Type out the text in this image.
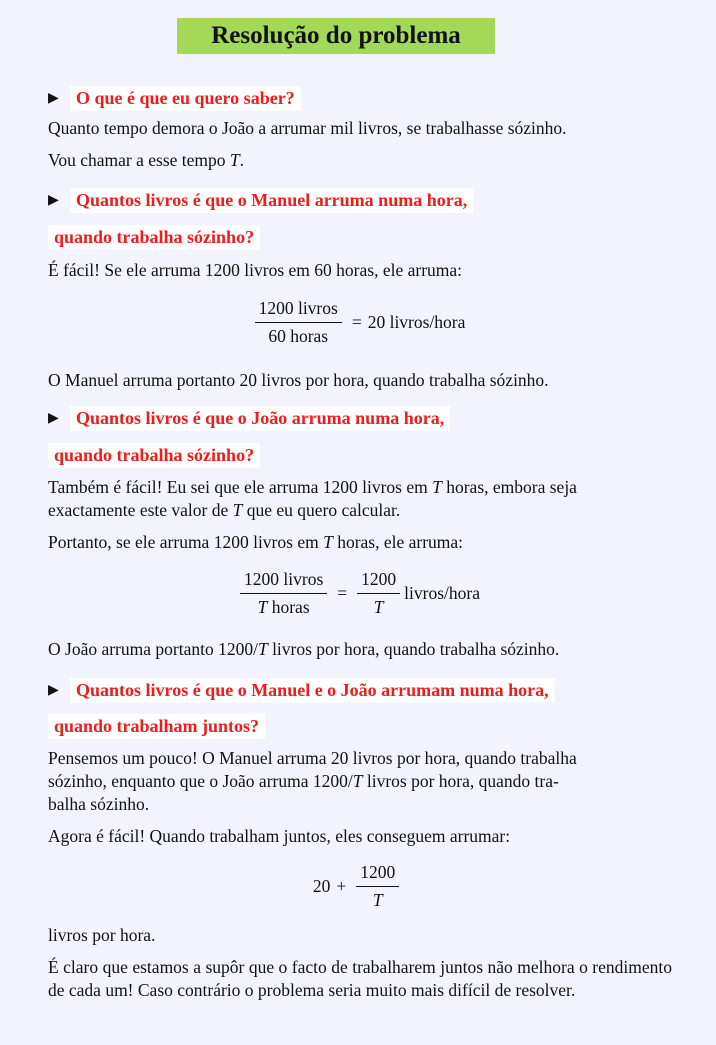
Resolução do problema
▶ O que é que eu quero saber?
Quanto tempo demora o João a arrumar mil livros, se trabalhasse sózinho.
Vou chamar a esse tempo T.
▶ Quantos livros é que o Manuel arruma numa hora,
quando trabalha sózinho?
É fácil! Se ele arruma 1200 livros em 60 horas, ele arruma:
$\frac{\text{1200 livros}}{\text{60 horas}} = 20$ livros/hora
O Manuel arruma portanto 20 livros por hora, quando trabalha sózinho.
▶ Quantos livros é que o João arruma numa hora,
quando trabalha sózinho?
Também é fácil! Eu sei que ele arruma 1200 livros em T horas, embora seja
exactamente este valor de T que eu quero calcular.
Portanto, se ele arruma 1200 livros em T horas, ele arruma:
$\frac{\text{1200 livros}}{\text{T horas}} = \frac{1200}{T}$ livros/hora
O João arruma portanto 1200/T livros por hora, quando trabalha sózinho.
▶ Quantos livros é que o Manuel e o João arrumam numa hora,
quando trabalham juntos?
Pensemos um pouco! O Manuel arruma 20 livros por hora, quando trabalha
sózinho, enquanto que o João arruma 1200/T livros por hora, quando tra-
balha sózinho.
Agora é fácil! Quando trabalham juntos, eles conseguem arrumar:
$20 + \frac{1200}{T}$
livros por hora.
É claro que estamos a supôr que o facto de trabalharem juntos não melhora o rendimento de cada um! Caso contrário o problema seria muito mais difícil de resolver.
